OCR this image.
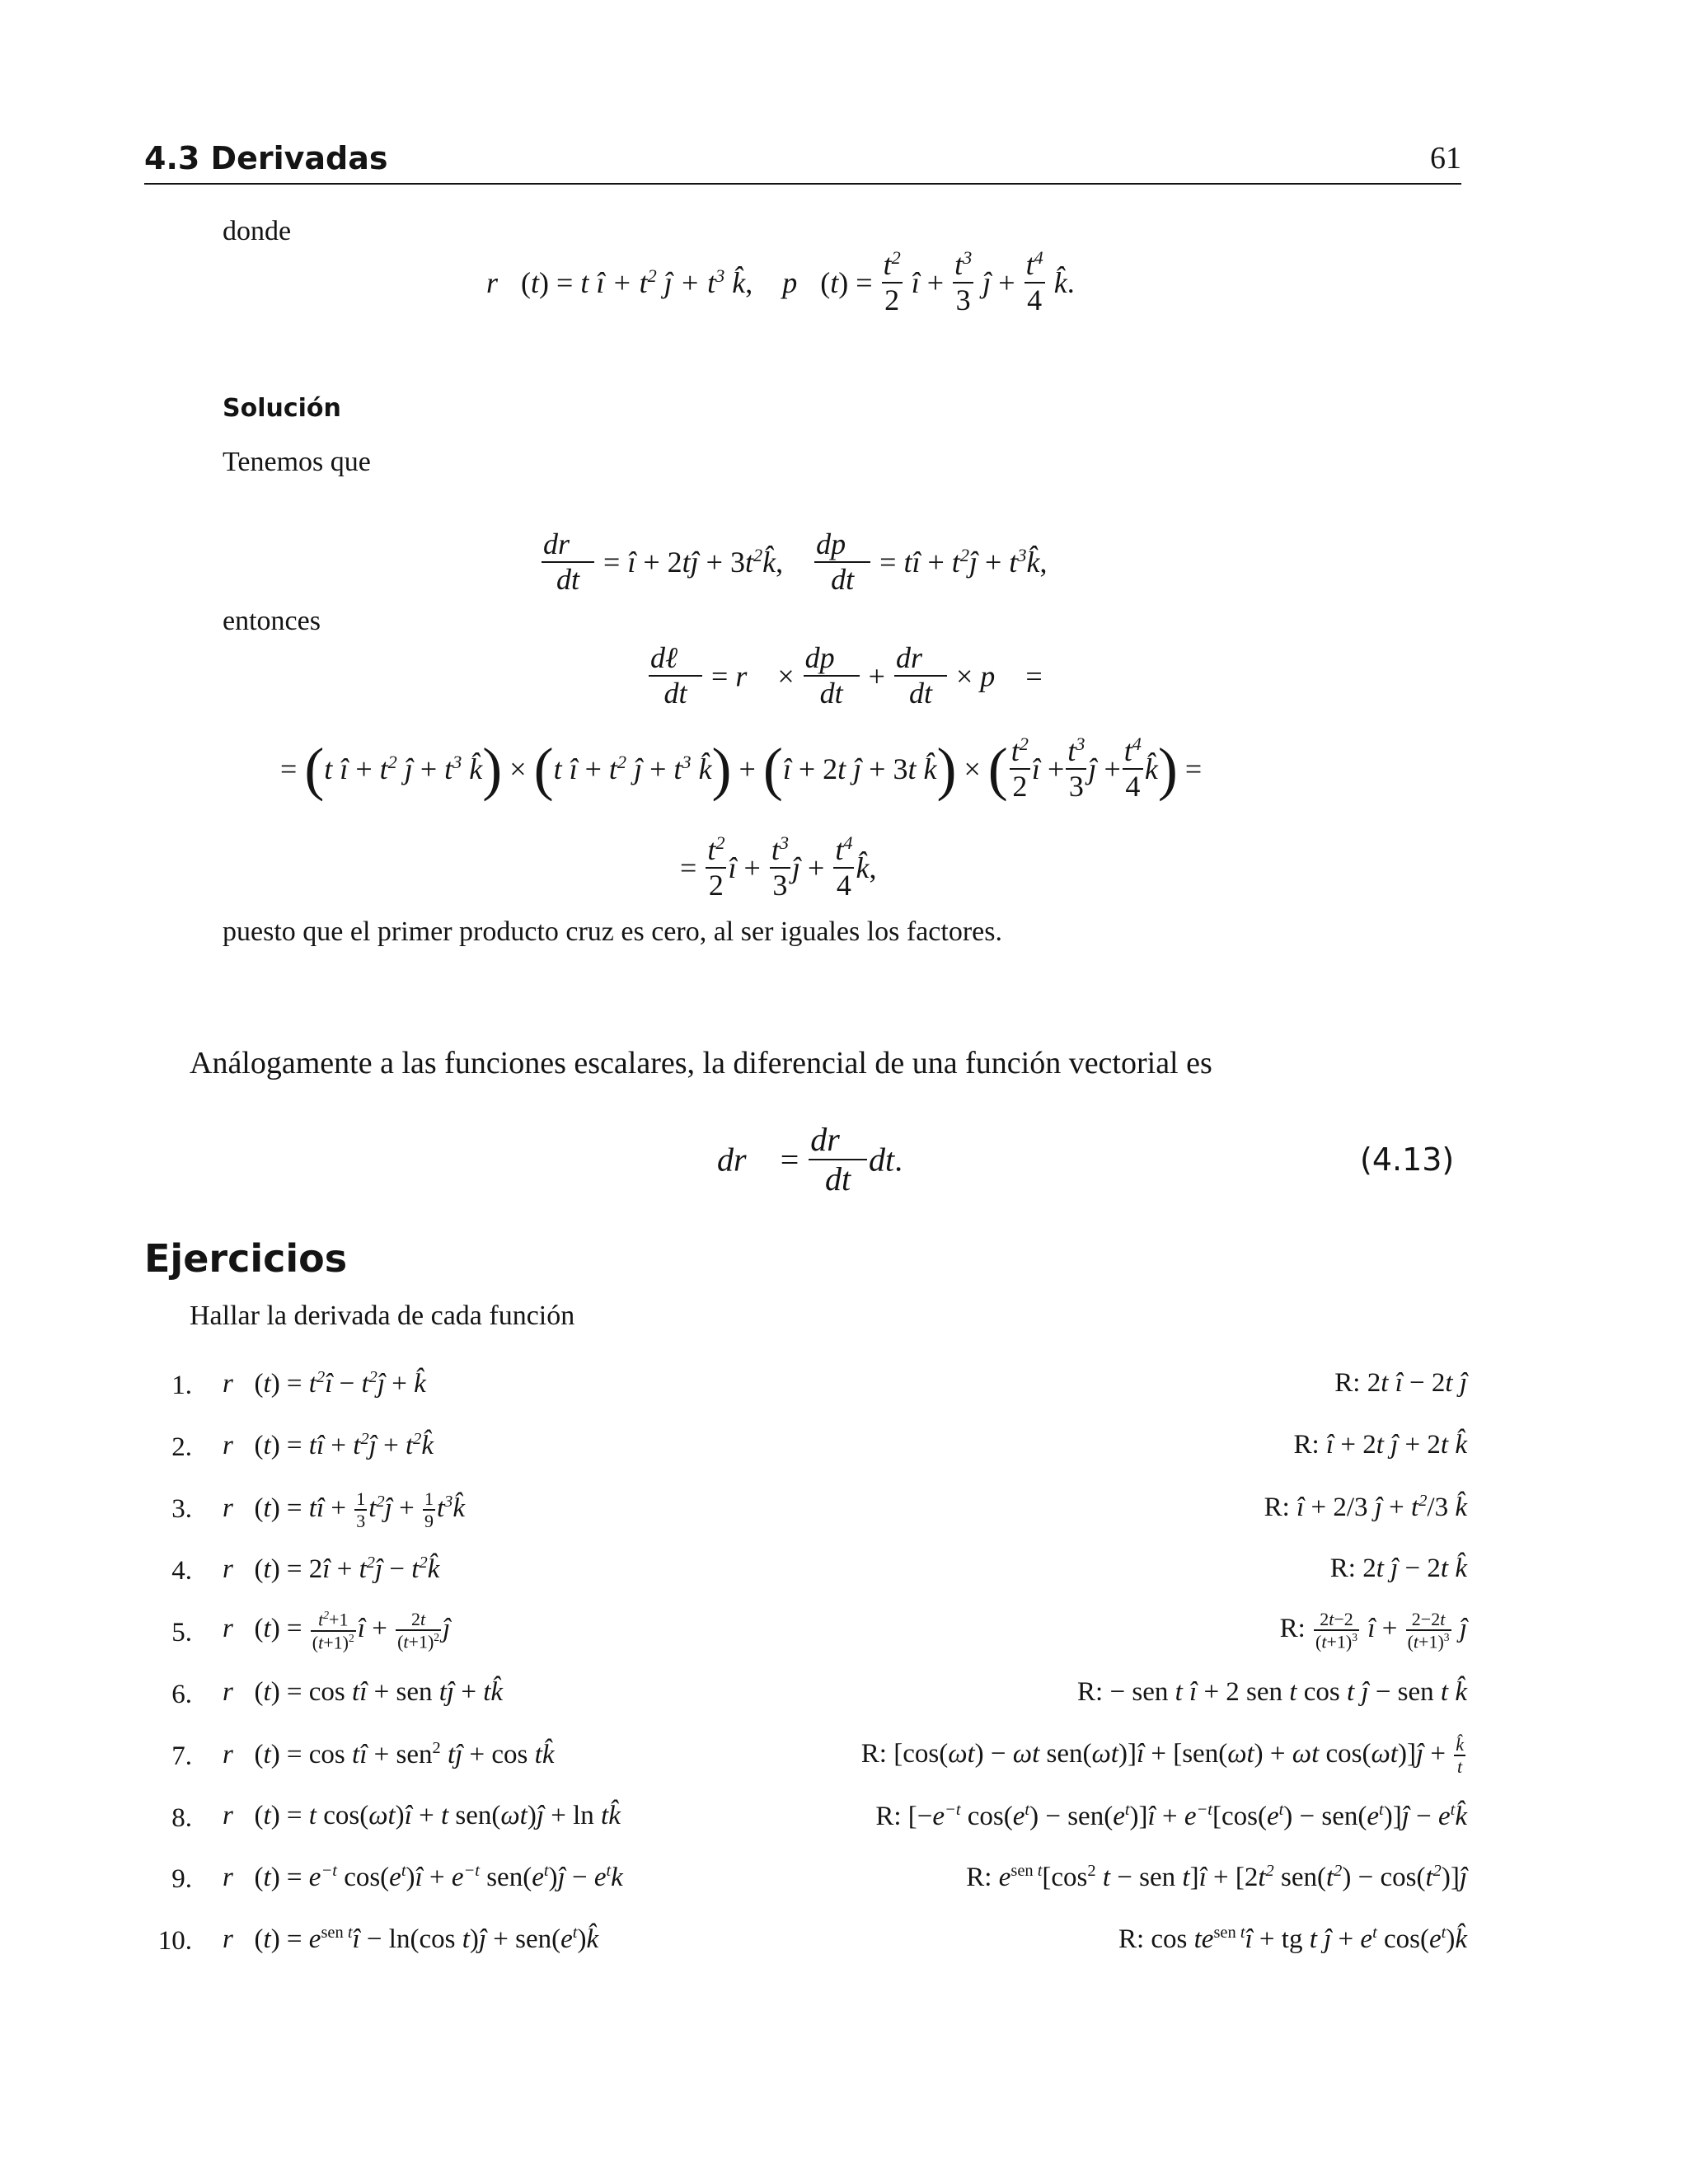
4.3 Derivadas	61
donde
r⃗(t) = t î + $t^2$ ĵ + $t^3$ k̂,    p⃗(t) = $\frac{t^2}{2}$ î + $\frac{t^3}{3}$ ĵ + $\frac{t^4}{4}$ k̂.
Solución
Tenemos que
$\frac{dr⃗}{dt}$ = î + 2tĵ + $3t^2k̂$, $\frac{dp⃗}{dt}$ = tî + $t^2ĵ$ + $t^3k̂$,
entonces
$\frac{\text{dℓ⃗}}{dt}$ = r⃗ × $\frac{dp⃗}{dt} + \frac{dr⃗}{dt}$ × p⃗ =
= (t î + $t^2$ ĵ + $t^3$ k̂) × (t î + $t^2$ ĵ + $t^3$ k̂) + (î + 2t ĵ + 3t k̂) × ( $\frac{t^2}{2}$ î + $\frac{t^3}{3}$ ĵ + $\frac{t^4}{4}$ k̂) =
= $\frac{t^2}{2}$ î + $\frac{t^3}{3}$ ĵ + $\frac{t^4}{4}$ k̂,
puesto que el primer producto cruz es cero, al ser iguales los factores.
Análogamente a las funciones escalares, la diferencial de una función vectorial es
dr⃗ = $\frac{dr⃗}{dt}$ dt.	(4.13)
Ejercicios
Hallar la derivada de cada función
1. r⃗(t) = $t^2î$ − $t^2ĵ$ + k̂	R: 2t î − 2t ĵ
2. r⃗(t) = tî + $t^2ĵ$ + $t^2k̂$	R: î + 2t ĵ + 2t k̂
3. r⃗(t) = tî + $\frac{1}{3}$ $t^2ĵ + \frac{1}{9}$ $t^3k̂$	R: î + 2/3 ĵ + $t^2/3$ k̂
4. r⃗(t) = 2î + $t^2ĵ$ − $t^2k̂$	R: 2t ĵ − 2t k̂
5. r⃗(t) = $\frac{t^2+1}{(t+1)^2}$ î + $\frac{2t}{(t+1)^2}$ ĵ	R: $\frac{2t-2}{(t+1)^3}$ î + $\frac{2-2t}{(t+1)^3}$ ĵ
6. r⃗(t) = cos tî + sen tĵ + tk̂	R: − sen t î + 2 sen t cos t ĵ − sen t k̂
7. r⃗(t) = cos tî + sen$^2$ tĵ + cos tk̂	R: [cos(ωt) − ωt sen(ωt)]î + [sen(ωt) + ωt cos(ωt)]ĵ + $\frac{k̂}{t}$
8. r⃗(t) = t cos(ωt)î + t sen(ωt)ĵ + ln tk̂	R: [$-e^{-t}$ $\cos(e^t)$ − $sen(e^t)]î + e^{-t}[\cos(e^t)$ − $sen(e^t)]ĵ$ − $e^tk̂$
9. r⃗(t) = $e^{-t}$ $\cos(e^t)î + e^{-t}$ $sen(e^t)ĵ - e^tk$	R: $e^{sen t}[\cos^2$ t − sen t]î + [$2t^2$ $sen(t^2)$ − $\cos(t^2)]ĵ$
10. r⃗(t) = $e^{sen t}î - \ln(\cos$ t)ĵ + $sen(e^t)k̂$	R: $\cos te^{sen t}î$ + tg t ĵ + $e^t$ $\cos(e^t)k̂$
